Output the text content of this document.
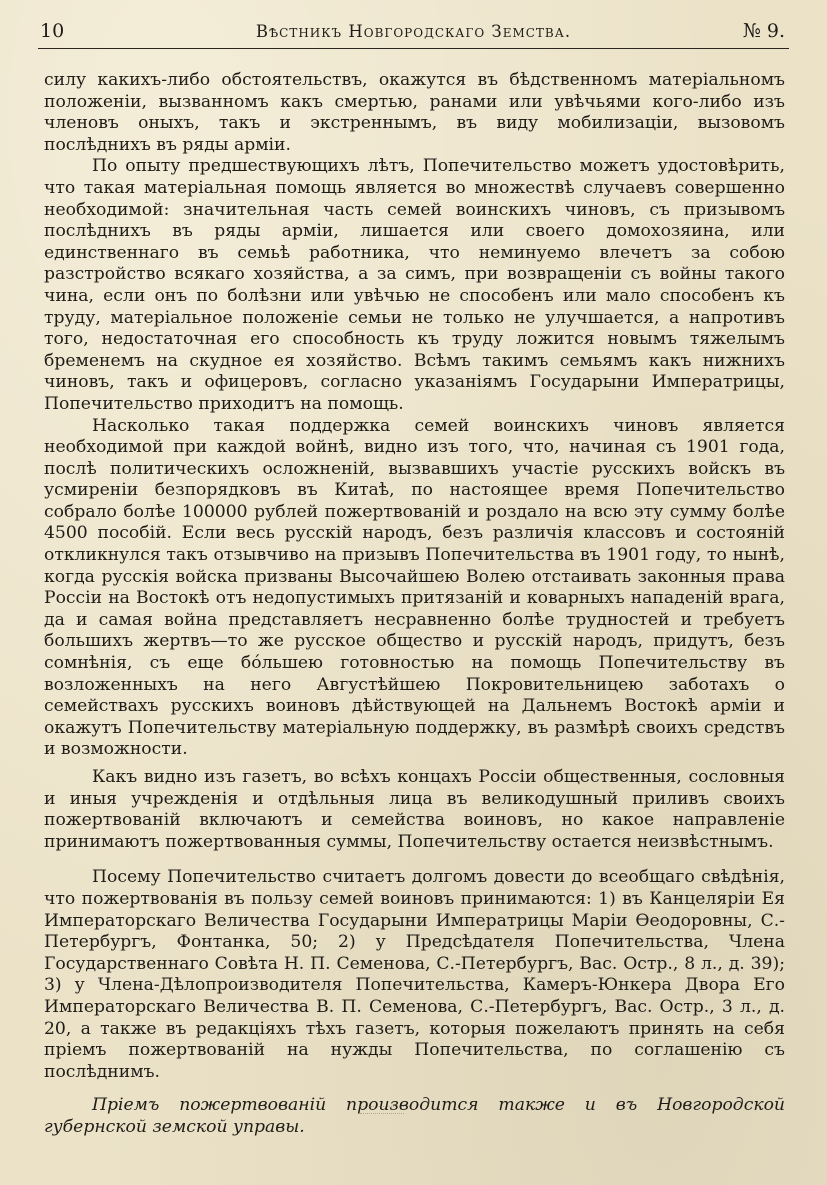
10	Вѣстникъ Новгородскаго Земства.	№ 9.

силу какихъ-либо обстоятельствъ, окажутся въ бѣдственномъ матеріальномъ положеніи, вызванномъ какъ смертью, ранами или увѣчьями кого-либо изъ членовъ оныхъ, такъ и экстреннымъ, въ виду мобилизаціи, вызовомъ послѣднихъ въ ряды арміи.

По опыту предшествующихъ лѣтъ, Попечительство можетъ удостовѣрить, что такая матеріальная помощь является во множествѣ случаевъ совершенно необходимой: значительная часть семей воинскихъ чиновъ, съ призывомъ послѣднихъ въ ряды арміи, лишается или своего домохозяина, или единственнаго въ семьѣ работника, что неминуемо влечетъ за собою разстройство всякаго хозяйства, а за симъ, при возвращеніи съ войны такого чина, если онъ по болѣзни или увѣчью не способенъ или мало способенъ къ труду, матеріальное положеніе семьи не только не улучшается, а напротивъ того, недостаточная его способность къ труду ложится новымъ тяжелымъ бременемъ на скудное ея хозяйство. Всѣмъ такимъ семьямъ какъ нижнихъ чиновъ, такъ и офицеровъ, согласно указаніямъ Государыни Императрицы, Попечительство приходитъ на помощь.

Насколько такая поддержка семей воинскихъ чиновъ является необходимой при каждой войнѣ, видно изъ того, что, начиная съ 1901 года, послѣ политическихъ осложненій, вызвавшихъ участіе русскихъ войскъ въ усмиреніи безпорядковъ въ Китаѣ, по настоящее время Попечительство собрало болѣе 100000 рублей пожертвованій и роздало на всю эту сумму болѣе 4500 пособій. Если весь русскій народъ, безъ различія классовъ и состояній откликнулся такъ отзывчиво на призывъ Попечительства въ 1901 году, то нынѣ, когда русскія войска призваны Высочайшею Волею отстаивать законныя права Россіи на Востокѣ отъ недопустимыхъ притязаній и коварныхъ нападеній врага, да и самая война представляетъ несравненно болѣе трудностей и требуетъ большихъ жертвъ—то же русское общество и русскій народъ, придутъ, безъ сомнѣнія, съ еще бóльшею готовностью на помощь Попечительству въ возложенныхъ на него Августѣйшею Покровительницею заботахъ о семействахъ русскихъ воиновъ дѣйствующей на Дальнемъ Востокѣ арміи и окажутъ Попечительству матеріальную поддержку, въ размѣрѣ своихъ средствъ и возможности.

Какъ видно изъ газетъ, во всѣхъ концахъ Россіи общественныя, сословныя и иныя учрежденія и отдѣльныя лица въ великодушный приливъ своихъ пожертвованій включаютъ и семейства воиновъ, но какое направленіе принимаютъ пожертвованныя суммы, Попечительству остается неизвѣстнымъ.

Посему Попечительство считаетъ долгомъ довести до всеобщаго свѣдѣнія, что пожертвованія въ пользу семей воиновъ принимаются: 1) въ Канцеляріи Ея Императорскаго Величества Государыни Императрицы Маріи Ѳеодоровны, С.-Петербургъ, Фонтанка, 50; 2) у Предсѣдателя Попечительства, Члена Государственнаго Совѣта Н. П. Семенова, С.-Петербургъ, Вас. Остр., 8 л., д. 39); 3) у Члена-Дѣлопроизводителя Попечительства, Камеръ-Юнкера Двора Его Императорскаго Величества В. П. Семенова, С.-Петербургъ, Вас. Остр., 3 л., д. 20, а также въ редакціяхъ тѣхъ газетъ, которыя пожелаютъ принять на себя пріемъ пожертвованій на нужды Попечительства, по соглашенію съ послѣднимъ.

Пріемъ пожертвованій производится также и въ Новгородской губернской земской управы.
